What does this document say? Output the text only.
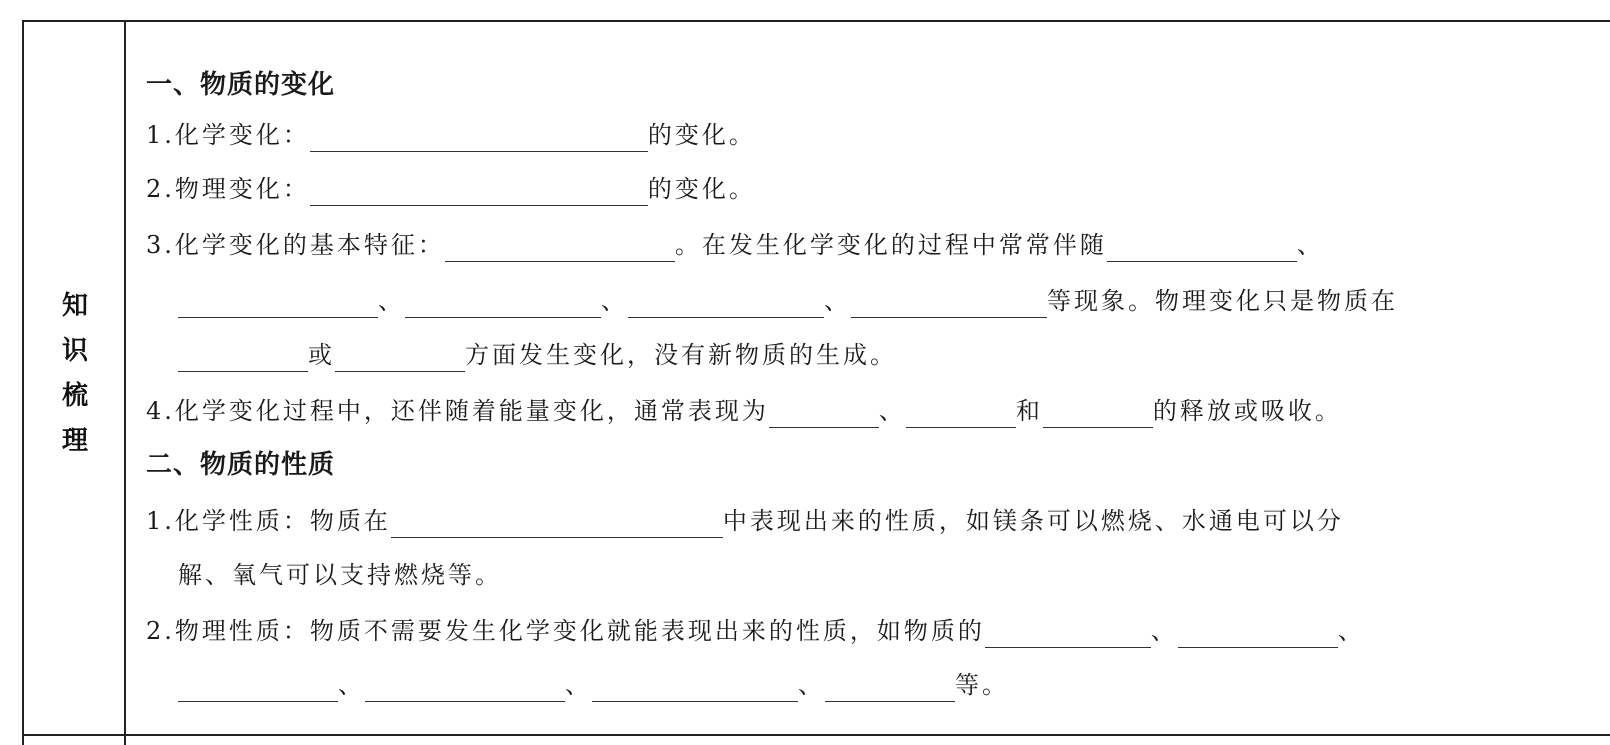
知
识
梳
理
一、物质的变化
1.化学变化：	的变化。
2.物理变化：	的变化。
3.化学变化的基本特征：	。在发生化学变化的过程中常常伴随	、
、	、	、	等现象。物理变化只是物质在
或	方面发生变化，没有新物质的生成。
4.化学变化过程中，还伴随着能量变化，通常表现为	、	和	的释放或吸收。
二、物质的性质
1.化学性质：物质在	中表现出来的性质，如镁条可以燃烧、水通电可以分
解、氧气可以支持燃烧等。
2.物理性质：物质不需要发生化学变化就能表现出来的性质，如物质的	、	、
、	、	、	等。
